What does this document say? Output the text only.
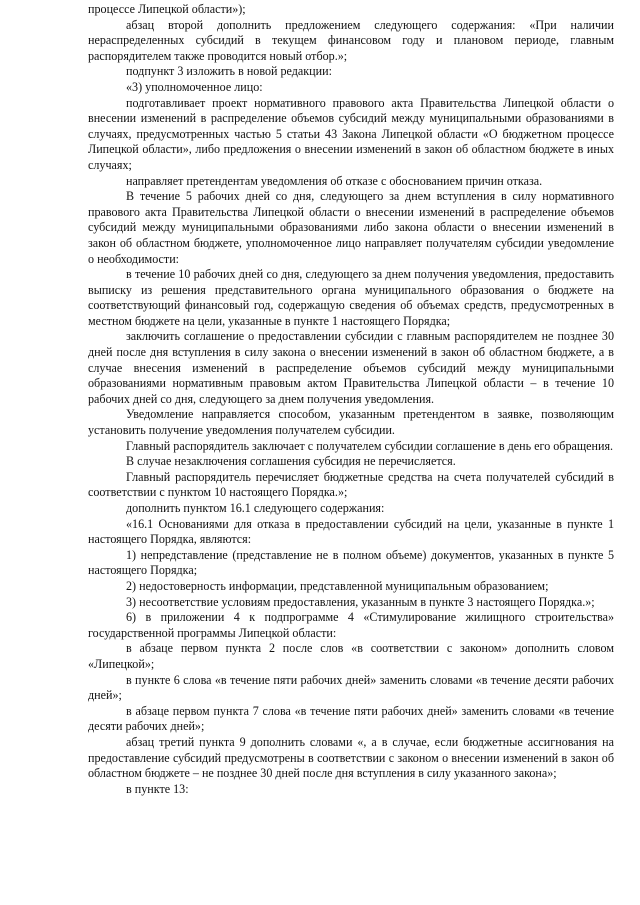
процессе Липецкой области»);

абзац второй дополнить предложением следующего содержания: «При наличии нераспределенных субсидий в текущем финансовом году и плановом периоде, главным распорядителем также проводится новый отбор.»;

подпункт 3 изложить в новой редакции:

«3) уполномоченное лицо:

подготавливает проект нормативного правового акта Правительства Липецкой области о внесении изменений в распределение объемов субсидий между муниципальными образованиями в случаях, предусмотренных частью 5 статьи 43 Закона Липецкой области «О бюджетном процессе Липецкой области», либо предложения о внесении изменений в закон об областном бюджете в иных случаях;

направляет претендентам уведомления об отказе с обоснованием причин отказа.

В течение 5 рабочих дней со дня, следующего за днем вступления в силу нормативного правового акта Правительства Липецкой области о внесении изменений в распределение объемов субсидий между муниципальными образованиями либо закона области о внесении изменений в закон об областном бюджете, уполномоченное лицо направляет получателям субсидии уведомление о необходимости:

в течение 10 рабочих дней со дня, следующего за днем получения уведомления, предоставить выписку из решения представительного органа муниципального образования о бюджете на соответствующий финансовый год, содержащую сведения об объемах средств, предусмотренных в местном бюджете на цели, указанные в пункте 1 настоящего Порядка;

заключить соглашение о предоставлении субсидии с главным распорядителем не позднее 30 дней после дня вступления в силу закона о внесении изменений в закон об областном бюджете, а в случае внесения изменений в распределение объемов субсидий между муниципальными образованиями нормативным правовым актом Правительства Липецкой области – в течение 10 рабочих дней со дня, следующего за днем получения уведомления.

Уведомление направляется способом, указанным претендентом в заявке, позволяющим установить получение уведомления получателем субсидии.

Главный распорядитель заключает с получателем субсидии соглашение в день его обращения.

В случае незаключения соглашения субсидия не перечисляется.

Главный распорядитель перечисляет бюджетные средства на счета получателей субсидий в соответствии с пунктом 10 настоящего Порядка.»;

дополнить пунктом 16.1 следующего содержания:

«16.1 Основаниями для отказа в предоставлении субсидий на цели, указанные в пункте 1 настоящего Порядка, являются:

1) непредставление (представление не в полном объеме) документов, указанных в пункте 5 настоящего Порядка;

2) недостоверность информации, представленной муниципальным образованием;

3) несоответствие условиям предоставления, указанным в пункте 3 настоящего Порядка.»;

6) в приложении 4 к подпрограмме 4 «Стимулирование жилищного строительства» государственной программы Липецкой области:

в абзаце первом пункта 2 после слов «в соответствии с законом» дополнить словом «Липецкой»;

в пункте 6 слова «в течение пяти рабочих дней» заменить словами «в течение десяти рабочих дней»;

в абзаце первом пункта 7 слова «в течение пяти рабочих дней» заменить словами «в течение десяти рабочих дней»;

абзац третий пункта 9 дополнить словами «, а в случае, если бюджетные ассигнования на предоставление субсидий предусмотрены в соответствии с законом о внесении изменений в закон об областном бюджете – не позднее 30 дней после дня вступления в силу указанного закона»;

в пункте 13:
